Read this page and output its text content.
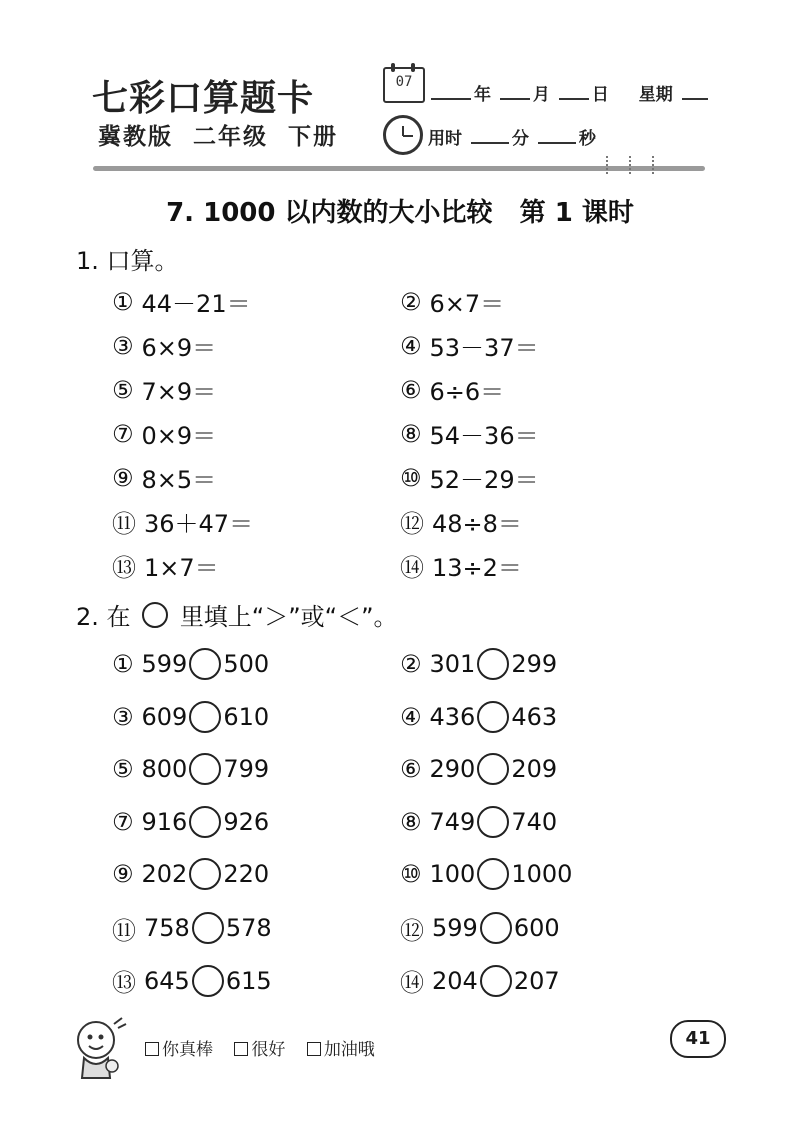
七彩口算题卡
冀教版 二年级 下册
07
年 月 日 星期
用时	分	秒
7. 1000 以内数的大小比较   第 1 课时
1. 口算。
① 44－21＝	② 6×7＝
③ 6×9＝	④ 53－37＝
⑤ 7×9＝	⑥ 6÷6＝
⑦ 0×9＝	⑧ 54－36＝
⑨ 8×5＝	⑩ 52－29＝
⑪ 36＋47＝	⑫ 48÷8＝
⑬ 1×7＝	⑭ 13÷2＝
2. 在 里填上“＞”或“＜”。
① 599 500	② 301 299
③ 609 610	④ 436 463
⑤ 800 799	⑥ 290 209
⑦ 916 926	⑧ 749 740
⑨ 202 220	⑩ 100 1000
⑪ 758 578	⑫ 599 600
⑬ 645 615	⑭ 204 207
你真棒 很好 加油哦
41
